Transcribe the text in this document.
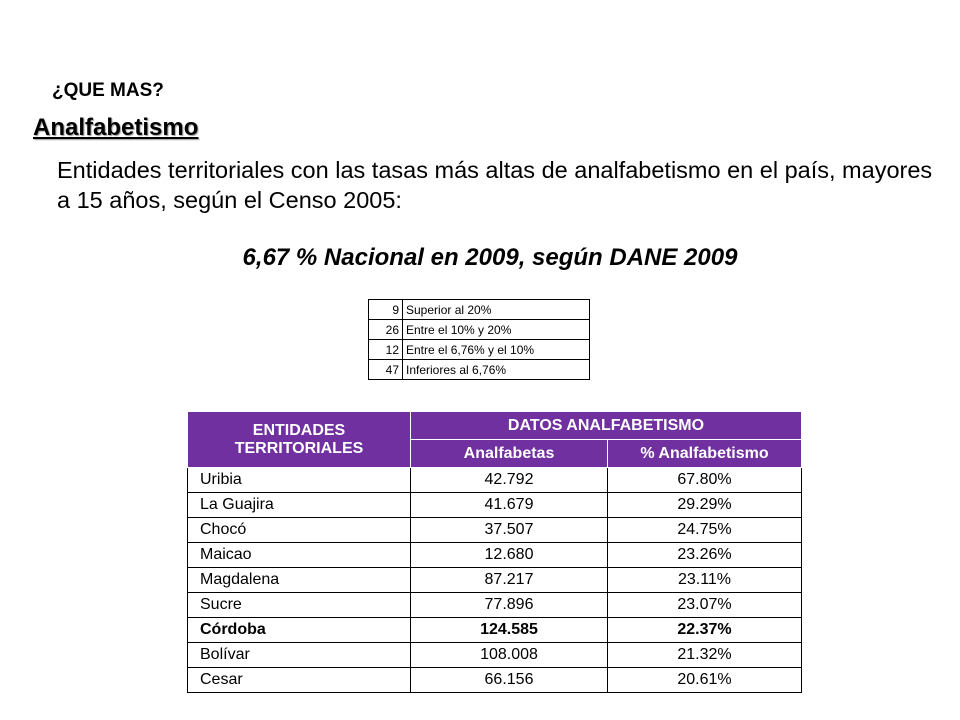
¿QUE MAS?

Analfabetismo

Entidades territoriales con las tasas más altas de analfabetismo en el país, mayores a 15 años, según el Censo 2005:

6,67 % Nacional en 2009, según DANE 2009

9	Superior al 20%
26	Entre el 10% y 20%
12	Entre el 6,76% y el 10%
47	Inferiores al 6,76%
ENTIDADES TERRITORIALES	DATOS ANALFABETISMO	
	Analfabetas	% Analfabetismo
Uribia	42.792	67.80%
La Guajira	41.679	29.29%
Chocó	37.507	24.75%
Maicao	12.680	23.26%
Magdalena	87.217	23.11%
Sucre	77.896	23.07%
Córdoba	124.585	22.37%
Bolívar	108.008	21.32%
Cesar	66.156	20.61%
